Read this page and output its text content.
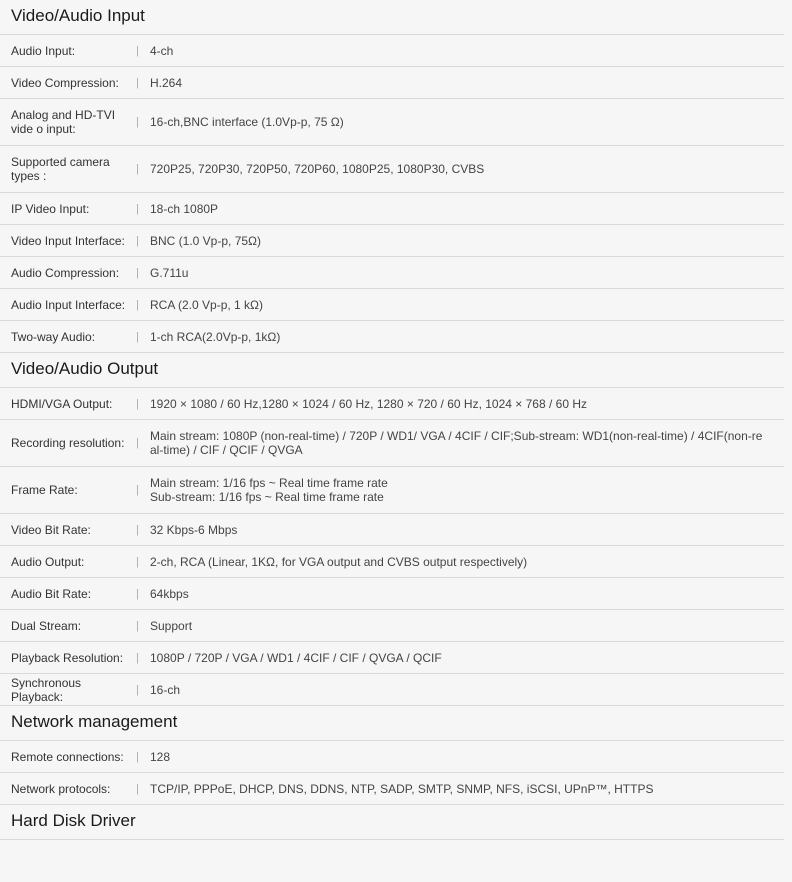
Video/Audio Input
Audio Input:	| 4-ch
Video Compression:	| H.264
Analog and HD-TVI vide o input:	| 16-ch,BNC interface (1.0Vp-p, 75 Ω)
Supported camera types :	| 720P25, 720P30, 720P50, 720P60, 1080P25, 1080P30, CVBS
IP Video Input:	| 18-ch 1080P
Video Input Interface:	| BNC (1.0 Vp-p, 75Ω)
Audio Compression:	| G.711u
Audio Input Interface: | RCA (2.0 Vp-p, 1 kΩ)
Two-way Audio:	| 1-ch RCA(2.0Vp-p, 1kΩ)
Video/Audio Output
HDMI/VGA Output:	| 1920 × 1080 / 60 Hz,1280 × 1024 / 60 Hz, 1280 × 720 / 60 Hz, 1024 × 768 / 60 Hz
Recording resolution:	| Main stream: 1080P (non-real-time) / 720P / WD1/ VGA / 4CIF / CIF;Sub-stream: WD1(non-real-time) / 4CIF(non-re
al-time) / CIF / QCIF / QVGA
Frame Rate:	| Main stream: 1/16 fps ~ Real time frame rate
Sub-stream: 1/16 fps ~ Real time frame rate
Video Bit Rate:	| 32 Kbps-6 Mbps
Audio Output:	| 2-ch, RCA (Linear, 1KΩ, for VGA output and CVBS output respectively)
Audio Bit Rate:	| 64kbps
Dual Stream:	| Support
Playback Resolution:	| 1080P / 720P / VGA / WD1 / 4CIF / CIF / QVGA / QCIF
Synchronous Playback:	| 16-ch
Network management
Remote connections:	| 128
Network protocols:	| TCP/IP, PPPoE, DHCP, DNS, DDNS, NTP, SADP, SMTP, SNMP, NFS, iSCSI, UPnP™, HTTPS
Hard Disk Driver
